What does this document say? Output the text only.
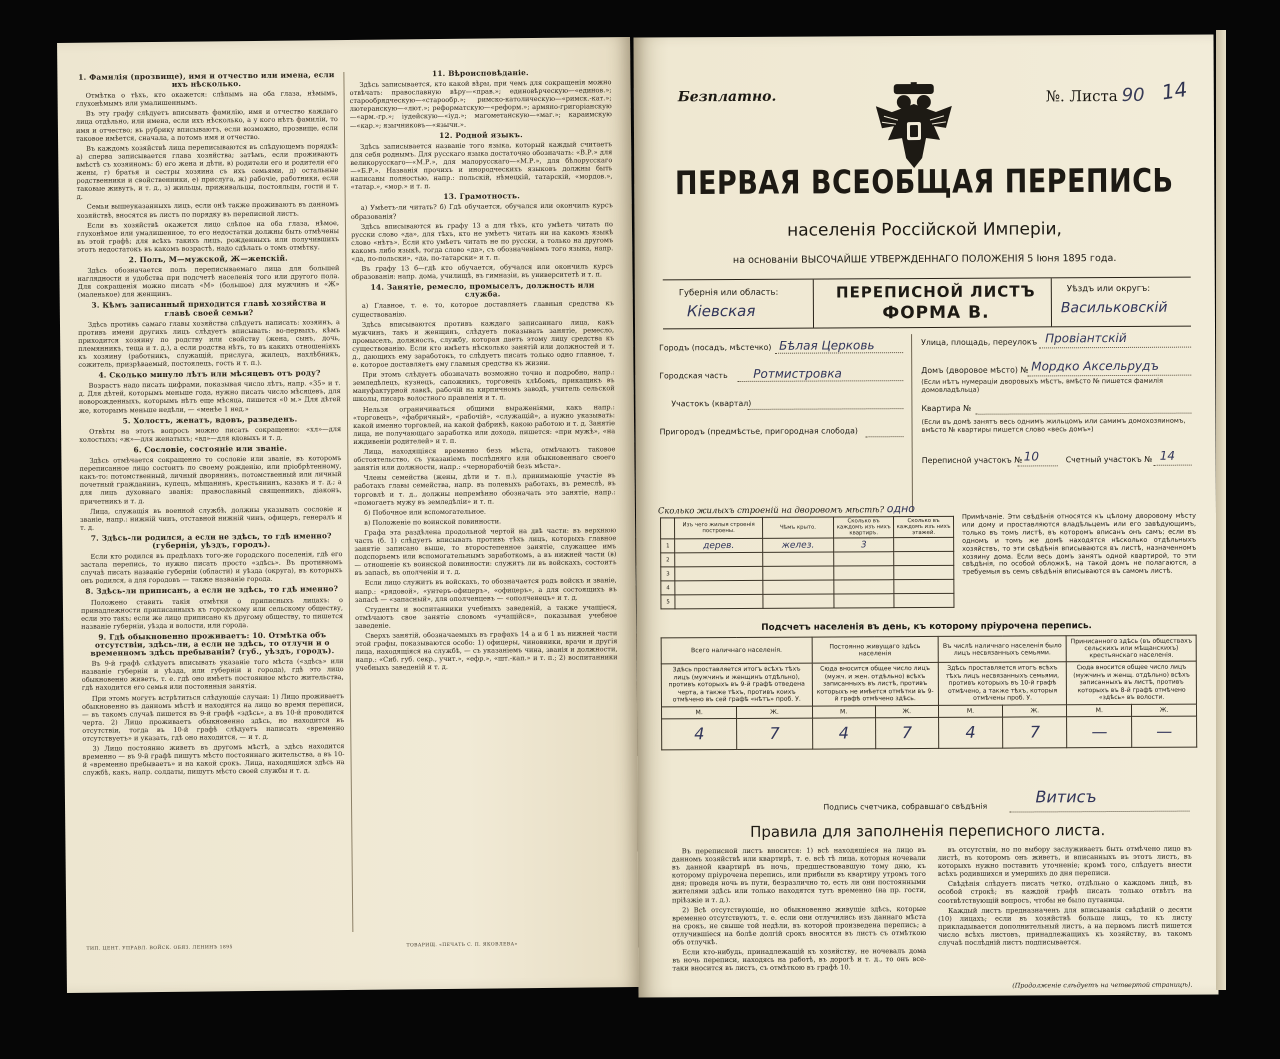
1. Фамилія (прозвище), имя и отчество или имена, если ихъ нѣсколько.

Отмѣтка о тѣхъ, кто окажется: слѣпымъ на оба глаза, нѣмымъ, глухонѣмымъ или умалишеннымъ.

Въ эту графу слѣдуетъ вписывать фамилію, имя и отчество каждаго лица отдѣльно, или имена, если ихъ нѣсколько, а у кого нѣтъ фамиліи, то имя и отчество; въ рубрику вписываютъ, если возможно, прозвище, если таковое имѣется, сначала, а потомъ имя и отчество.

Въ каждомъ хозяйствѣ лица переписываются въ слѣдующемъ порядкѣ: а) сперва записывается глава хозяйства; затѣмъ, если проживаютъ вмѣстѣ съ хозяиномъ: б) его жена и дѣти, в) родители его и родители его жены, г) братья и сестры хозяина съ ихъ семьями, д) остальные родственники и свойственники, е) прислуга, ж) рабочіе, работники, если таковые живутъ, и т. д., з) жильцы, приживальцы, постояльцы, гости и т. д.

Семьи вышеуказанныхъ лицъ, если онѣ также проживаютъ въ данномъ хозяйствѣ, вносятся въ листъ по порядку въ переписной листъ.

Если въ хозяйствѣ окажется лицо слѣпое на оба глаза, нѣмое, глухонѣмое или умалишенное, то его недостатки должны быть отмѣчены въ этой графѣ; для всѣхъ такихъ лицъ, рожденныхъ или получившихъ этотъ недостатокъ въ какомъ возрастѣ, надо сдѣлать о томъ отмѣтку.

2. Полъ, М—мужской, Ж—женскій.

Здѣсь обозначается полъ переписываемаго лица для большей наглядности и удобства при подсчетѣ населенія того или другого пола. Для сокращенія можно писать «М» (большое) для мужчинъ и «Ж» (маленькое) для женщинъ.

3. Кѣмъ записанный приходится главѣ хозяйства и главѣ своей семьи?

Здѣсь противъ самаго главы хозяйства слѣдуетъ написать: хозяинъ, а противъ имени другихъ лицъ слѣдуетъ вписывать: во-первыхъ, кѣмъ приходится хозяину по родству или свойству (жена, сынъ, дочь, племянникъ, теща и т. д.), а если родства нѣтъ, то въ какихъ отношеніяхъ къ хозяину (работникъ, служащій, прислуга, жилецъ, нахлѣбникъ, сожитель, призрѣваемый, постоялецъ, гость и т. п.).

4. Сколько минуло лѣтъ или мѣсяцевъ отъ роду?

Возрастъ надо писать цифрами, показывая число лѣтъ, напр. «35» и т. д. Для дѣтей, которымъ меньше года, нужно писать число мѣсяцевъ, для новорожденныхъ, которымъ нѣтъ еще мѣсяца, пишется «0 м.» Для дѣтей же, которымъ меньше недѣли, — «менѣе 1 нед.»

5. Холостъ, женатъ, вдовъ, разведенъ.

Отвѣты на этотъ вопросъ можно писать сокращенно: «хл»—для холостыхъ; «ж»—для женатыхъ; «вд»—для вдовыхъ и т. д.

6. Сословіе, состояніе или званіе.

Здѣсь отмѣчается сокращенно то сословіе или званіе, въ которомъ переписанное лицо состоитъ по своему рожденію, или пріобрѣтенному, какъ-то: потомственный, личный дворянинъ, потомственный или личный почетный гражданинъ, купецъ, мѣщанинъ, крестьянинъ, казакъ и т. д.; а для лицъ духовнаго званія: православный священникъ, діаконъ, причетникъ и т. д.

Лица, служащія въ военной службѣ, должны указывать сословіе и званіе, напр.: нижній чинъ, отставной нижній чинъ, офицеръ, генералъ и т. д.

7. Здѣсь-ли родился, а если не здѣсь, то гдѣ именно? (губернія, уѣздъ, городъ).

Если кто родился въ предѣлахъ того-же городского поселенія, гдѣ его застала перепись, то нужно писать просто «здѣсь». Въ противномъ случаѣ писать названіе губерніи (области) и уѣзда (округа), въ которыхъ онъ родился, а для городовъ — также названіе города.

8. Здѣсь-ли приписанъ, а если не здѣсь, то гдѣ именно?

Положено ставить такія отмѣтки о приписныхъ лицахъ: о принадлежности приписанныхъ къ городскому или сельскому обществу, если это такъ; если же лицо приписано къ другому обществу, то пишется названіе губерніи, уѣзда и волости, или города.

9. Гдѣ обыкновенно проживаетъ: 10. Отмѣтка объ отсутствіи, здѣсь-ли, а если не здѣсь, то отлучи и о временномъ здѣсь пребываніи? (губ., уѣздъ, городъ).

Въ 9-й графѣ слѣдуетъ вписывать указаніе того мѣста («здѣсь» или названіе губерніи и уѣзда, или губерніи и города), гдѣ это лицо обыкновенно живетъ, т. е. гдѣ оно имѣетъ постоянное мѣсто жительства, гдѣ находится его семья или постоянныя занятія.

При этомъ могутъ встрѣтиться слѣдующіе случаи: 1) Лицо проживаетъ обыкновенно въ данномъ мѣстѣ и находится на лицо во время переписи, — въ такомъ случаѣ пишется въ 9-й графѣ «здѣсь», а въ 10-й проводится черта. 2) Лицо проживаетъ обыкновенно здѣсь, но находится въ отсутствіи, тогда въ 10-й графѣ слѣдуетъ написать «временно отсутствуетъ» и указать, гдѣ оно находится, — и т. д.

3) Лицо постоянно живетъ въ другомъ мѣстѣ, а здѣсь находится временно — въ 9-й графѣ пишутъ мѣсто постояннаго жительства, а въ 10-й «временно пребываетъ» и на какой срокъ. Лица, находящіяся здѣсь на службѣ, какъ, напр. солдаты, пишутъ мѣсто своей службы и т. д.

11. Вѣроисповѣданіе.

Здѣсь записывается, кто какой вѣры, при чемъ для сокращенія можно отвѣчать: православную вѣру—«прав.»; единовѣрческую—«единов.»; старообрядческую—«старообр.»; римско-католическую—«римск.-кат.»; лютеранскую—«лют.»; реформатскую—«реформ.»; армяно-григоріанскую—«арм.-гр.»; іудейскую—«іуд.»; магометанскую—«маг.»; караимскую—«кар.»; язычниковъ—«язычн.».

12. Родной языкъ.

Здѣсь записывается названіе того языка, который каждый считаетъ для себя роднымъ. Для русскаго языка достаточно обозначать: «В.Р.» для великорусскаго—«М.Р.», для малорусскаго—«М.Р.», для бѣлорусскаго—«Б.Р.». Названія прочихъ и инородческихъ языковъ должны быть написаны полностью, напр.: польскій, нѣмецкій, татарскій, «мордов.», «татар.», «мор.» и т. п.

13. Грамотность.

а) Умѣетъ-ли читать? б) Гдѣ обучается, обучался или окончилъ курсъ образованія?

Здѣсь вписываются въ графу 13 а для тѣхъ, кто умѣетъ читать по русски слово «да», для тѣхъ, кто не умѣетъ читать ни на какомъ языкѣ слово «нѣтъ». Если кто умѣетъ читать не по русски, а только на другомъ какомъ либо языкѣ, тогда слово «да», съ обозначеніемъ того языка, напр. «да, по-польски», «да, по-татарски» и т. п.

Въ графу 13 б—гдѣ кто обучается, обучался или окончилъ курсъ образованія: напр. дома, училищѣ, въ гимназіи, въ университетѣ и т. п.

14. Занятіе, ремесло, промыселъ, должность или служба.

а) Главное, т. е. то, которое доставляетъ главныя средства къ существованію.

Здѣсь вписываются противъ каждаго записаннаго лица, какъ мужчинъ, такъ и женщинъ, слѣдуетъ показывать занятіе, ремесло, промыселъ, должность, службу, которая даетъ этому лицу средства къ существованію. Если кто имѣетъ нѣсколько занятій или должностей и т. д., дающихъ ему заработокъ, то слѣдуетъ писать только одно главное, т. е. которое доставляетъ ему главныя средства къ жизни.

При этомъ слѣдуетъ обозначать возможно точно и подробно, напр.: земледѣлецъ, кузнецъ, сапожникъ, торговецъ хлѣбомъ, прикащикъ въ мануфактурной лавкѣ, рабочій на кирпичномъ заводѣ, учитель сельской школы, писарь волостного правленія и т. п.

Нельзя ограничиваться общими выраженіями, какъ напр.: «торговецъ», «фабричный», «рабочій», «служащій», а нужно указывать: какой именно торговлей, на какой фабрикѣ, какою работою и т. д. Занятіе лица, не получающаго заработка или дохода, пишется: «при мужѣ», «на иждивеніи родителей» и т. п.

Лица, находящіяся временно безъ мѣста, отмѣчаютъ таковое обстоятельство, съ указаніемъ послѣдняго или обыкновеннаго своего занятія или должности, напр.: «чернорабочій безъ мѣста».

Члены семейства (жены, дѣти и т. п.), принимающіе участіе въ работахъ главы семейства, напр. въ полевыхъ работахъ, въ ремеслѣ, въ торговлѣ и т. д., должны непремѣнно обозначать это занятіе, напр.: «помогаетъ мужу въ земледѣліи» и т. п.

б) Побочное или вспомогательное.

в) Положеніе по воинской повинности.

Графа эта раздѣлена продольной чертой на двѣ части: въ верхнюю часть (б. 1) слѣдуетъ вписывать противъ тѣхъ лицъ, которыхъ главное занятіе записано выше, то второстепенное занятіе, служащее имъ подспорьемъ или вспомогательнымъ заработкомъ, а въ нижней части (в) — отношеніе къ воинской повинности: служитъ ли въ войскахъ, состоитъ въ запасѣ, въ ополченіи и т. д.

Если лицо служитъ въ войскахъ, то обозначается родъ войскъ и званіе, напр.: «рядовой», «унтеръ-офицеръ», «офицеръ», а для состоящихъ въ запасѣ — «запасный», для ополченцевъ — «ополченецъ» и т. д.

Студенты и воспитанники учебныхъ заведеній, а также учащіеся, отмѣчаютъ свое занятіе словомъ «учащійся», показывая учебное заведеніе.

Сверхъ занятій, обозначаемыхъ въ графахъ 14 а и б 1 въ нижней части этой графы, показываются особо: 1) офицеры, чиновники, врачи и другія лица, находящіяся на службѣ, — съ указаніемъ чина, званія и должности, напр.: «Сиб. губ. секр., учит.», «ефр.», «шт.-кап.» и т. п.; 2) воспитанники учебныхъ заведеній и т. д.

ТИП. ЦЕНТ. УПРАВЛ. ВОЙСК. ОБЯЗ. ЛЕНИНЪ 1895	ТОВАРИЩ. «ПЕЧАТЬ С. П. ЯКОВЛЕВА»
Безплатно.	№. Листа 90 14
ПЕРВАЯ ВСЕОБЩАЯ ПЕРЕПИСЬ
населенія Россійской Имперіи,
на основаніи ВЫСОЧАЙШЕ УТВЕРЖДЕННАГО ПОЛОЖЕНІЯ 5 Іюня 1895 года.
Губернія или область:
Кіевская
ПЕРЕПИСНОЙ ЛИСТЪ
ФОРМА В.
Уѣздъ или округъ:
Васильковскій
Городъ (посадъ, мѣстечко) Бѣлая Церковь
Городская часть Ротмистровка
Участокъ (квартал)
Пригородъ (предмѣстье, пригородная слобода)
Улица, площадь, переулокъ Провіантскій
Домъ (дворовое мѣсто) № Мордко Аксельрудъ
(Если нѣтъ нумераціи дворовыхъ мѣстъ, вмѣсто № пишется фамилія домовладѣльца)
Квартира №
(Если въ домѣ занятъ весь однимъ жильцомъ или самимъ домохозяиномъ, вмѣсто № квартиры пишется слово «весь домъ»)
Переписной участокъ № 10	Счетный участокъ № 14
Сколько жилыхъ строеній на дворовомъ мѣстѣ? одно
	Изъ чего жилыя строенія построены.	Чѣмъ крыто.	Сколько въ каждомъ изъ нихъ квартиръ.	Сколько въ каждомъ изъ нихъ этажей.
1	дерев.	желез.	3	
2				
3				
4				
5				
Примѣчаніе. Эти свѣдѣнія относятся къ цѣлому дворовому мѣсту или дому и проставляются владѣльцемъ или его завѣдующимъ, только въ томъ листѣ, въ которомъ вписанъ онъ самъ; если въ одномъ и томъ же домѣ находятся нѣсколько отдѣльныхъ хозяйствъ, то эти свѣдѣнія вписываются въ листѣ, назначенномъ хозяину дома. Если весь домъ занятъ одной квартирой, то эти свѣдѣнія, по особой обложкѣ, на такой домъ не полагаются, а требуемыя въ семъ свѣдѣнія вписываются въ самомъ листѣ.
Подсчетъ населенія въ день, къ которому пріурочена перепись.
Всего наличнаго населенія.		Постоянно живущаго здѣсь населенія		Въ числѣ наличнаго населенія было лицъ несвязанныхъ семьями.		Принисанного здѣсь (въ обществахъ сельскихъ или мѣщанскихъ) крестьянскаго населенія.	
Здѣсь проставляется итогъ всѣхъ тѣхъ лицъ (мужчинъ и женщинъ отдѣльно), противъ которыхъ въ 9-й графѣ отведена черта, а также тѣхъ, противъ коихъ отмѣчено въ сей графѣ «нѣтъ» проб. У.		Сюда вносится общее число лицъ (мужч. и жен. отдѣльно) всѣхъ записанныхъ въ листѣ, противъ которыхъ не имѣется отмѣтки въ 9-й графѣ отмѣчено здѣсь.		Здѣсь проставляется итогъ всѣхъ тѣхъ лицъ несвязанныхъ семьями, противъ которыхъ въ 10-й графѣ отмѣчено, а также тѣхъ, которыя отмѣчены проб. У.		Сюда вносится общее число лицъ (мужчинъ и женщ. отдѣльно) всѣхъ записанныхъ въ листѣ, противъ которыхъ въ 8-й графѣ отмѣчено «здѣсь» въ волости.	
М.	Ж.	М.	Ж.	М.	Ж.	М.	Ж.
4	7	4	7	4	7	—	—
Подпись счетчика, собравшаго свѣдѣнія
Витисъ
Правила для заполненія переписного листа.

Въ переписной листъ вносится: 1) всѣ находящіеся на лицо въ данномъ хозяйствѣ или квартирѣ, т. е. всѣ тѣ лица, которыя ночевали въ данной квартирѣ въ ночь, предшествовавшую тому дню, къ которому пріурочена перепись, или прибыли въ квартиру утромъ того дня; проведя ночь въ пути, безразлично то, есть ли они постоянными жителями здѣсь или только находятся тутъ временно (на пр. гости, пріѣзжіе и т. д.).

2) Всѣ отсутствующіе, но обыкновенно живущіе здѣсь, которые временно отсутствуютъ, т. е. если они отлучились изъ даннаго мѣста на срокъ, не свыше той недѣли, въ которой произведена перепись; а отлучившіеся на болѣе долгій срокъ вносятся въ листъ съ отмѣткою объ отлучкѣ.

Если кто-нибудь, принадлежащій къ хозяйству, не ночевалъ дома въ ночь переписи, находясь на работѣ, въ дорогѣ и т. д., то онъ все-таки вносится въ листъ, съ отмѣткою въ графѣ 10.

въ отсутствіи, но по выбору заслуживаетъ быть отмѣчено лицо въ листѣ, въ которомъ онъ живетъ, и вписанныхъ въ этотъ листъ, въ которыхъ нужно поставить уточненіе; кромѣ того, слѣдуетъ внести всѣхъ родившихся и умершихъ до дня переписи.

Свѣдѣнія слѣдуетъ писать четко, отдѣльно о каждомъ лицѣ, въ особой строкѣ; въ каждой графѣ писать только отвѣтъ на соотвѣтствующій вопросъ, чтобы не было путаницы.

Каждый листъ предназначенъ для вписыванія свѣдѣній о десяти (10) лицахъ; если въ хозяйствѣ больше лицъ, то къ листу прикладывается дополнительный листъ, а на первомъ листѣ пишется число всѣхъ листовъ, принадлежащихъ къ хозяйству, въ такомъ случаѣ послѣдній листъ подписывается.

(Продолженіе слѣдуетъ на четвертой страницѣ).
